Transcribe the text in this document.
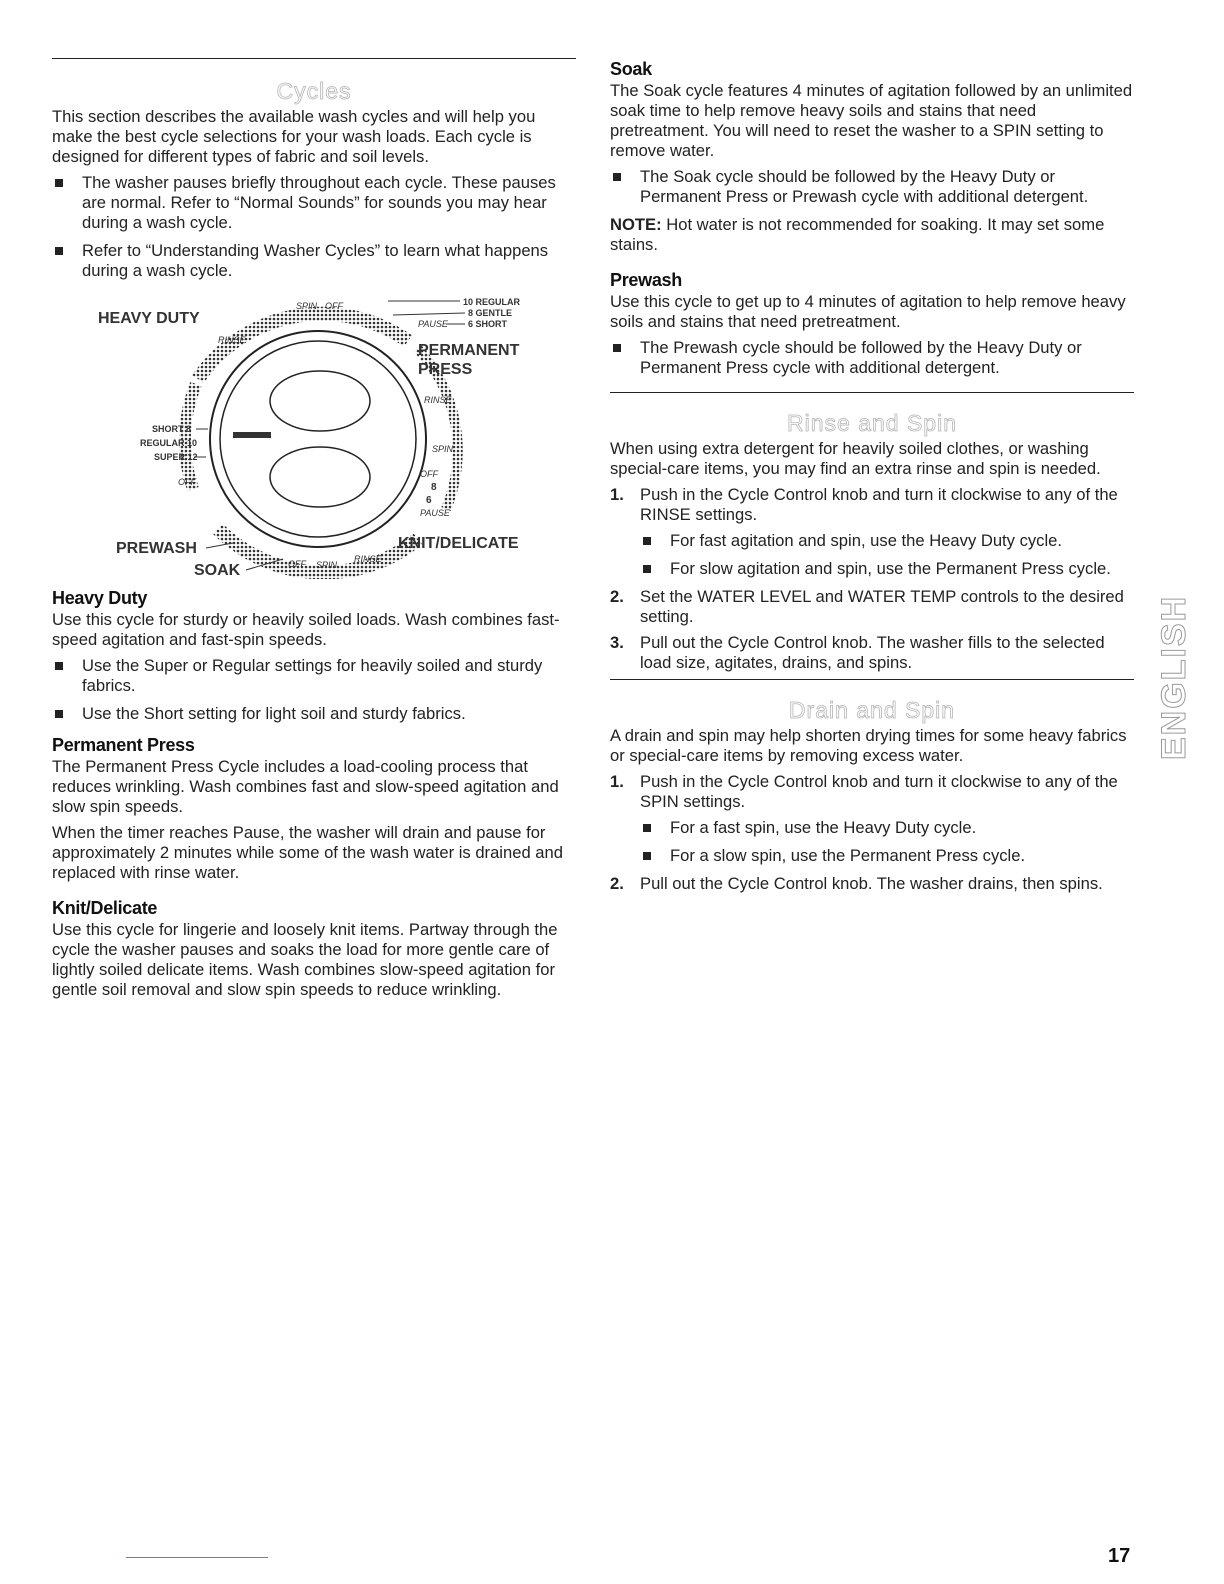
Cycles

This section describes the available wash cycles and will help you make the best cycle selections for your wash loads. Each cycle is designed for different types of fabric and soil levels.

The washer pauses briefly throughout each cycle. These pauses are normal. Refer to “Normal Sounds” for sounds you may hear during a wash cycle.
Refer to “Understanding Washer Cycles” to learn what happens during a wash cycle.
HEAVY DUTY
SPIN OFF
RINSE
10 REGULAR
8 GENTLE
6 SHORT
PAUSE
PERMANENT
PRESS
RINSE
SPIN
OFF
8
6
PAUSE
KNIT/DELICATE
SHORT 8
REGULAR 10
SUPER 12
OFF
PREWASH
SOAK	OFF SPIN
RINSE
Heavy Duty

Use this cycle for sturdy or heavily soiled loads. Wash combines fast-speed agitation and fast-spin speeds.

Use the Super or Regular settings for heavily soiled and sturdy fabrics.
Use the Short setting for light soil and sturdy fabrics.
Permanent Press

The Permanent Press Cycle includes a load-cooling process that reduces wrinkling. Wash combines fast and slow-speed agitation and slow spin speeds.

When the timer reaches Pause, the washer will drain and pause for approximately 2 minutes while some of the wash water is drained and replaced with rinse water.

Knit/Delicate

Use this cycle for lingerie and loosely knit items. Partway through the cycle the washer pauses and soaks the load for more gentle care of lightly soiled delicate items. Wash combines slow-speed agitation for gentle soil removal and slow spin speeds to reduce wrinkling.

Soak

The Soak cycle features 4 minutes of agitation followed by an unlimited soak time to help remove heavy soils and stains that need pretreatment. You will need to reset the washer to a SPIN setting to remove water.

The Soak cycle should be followed by the Heavy Duty or Permanent Press or Prewash cycle with additional detergent.

NOTE: Hot water is not recommended for soaking. It may set some stains.

Prewash

Use this cycle to get up to 4 minutes of agitation to help remove heavy soils and stains that need pretreatment.

The Prewash cycle should be followed by the Heavy Duty or Permanent Press cycle with additional detergent.
Rinse and Spin

When using extra detergent for heavily soiled clothes, or washing special-care items, you may find an extra rinse and spin is needed.

1. Push in the Cycle Control knob and turn it clockwise to any of the RINSE settings.
For fast agitation and spin, use the Heavy Duty cycle.
For slow agitation and spin, use the Permanent Press cycle.
2. Set the WATER LEVEL and WATER TEMP controls to the desired setting.
3. Pull out the Cycle Control knob. The washer fills to the selected load size, agitates, drains, and spins.
Drain and Spin

A drain and spin may help shorten drying times for some heavy fabrics or special-care items by removing excess water.

1. Push in the Cycle Control knob and turn it clockwise to any of the SPIN settings.
For a fast spin, use the Heavy Duty cycle.
For a slow spin, use the Permanent Press cycle.
2. Pull out the Cycle Control knob. The washer drains, then spins.
ENGLISH
17
